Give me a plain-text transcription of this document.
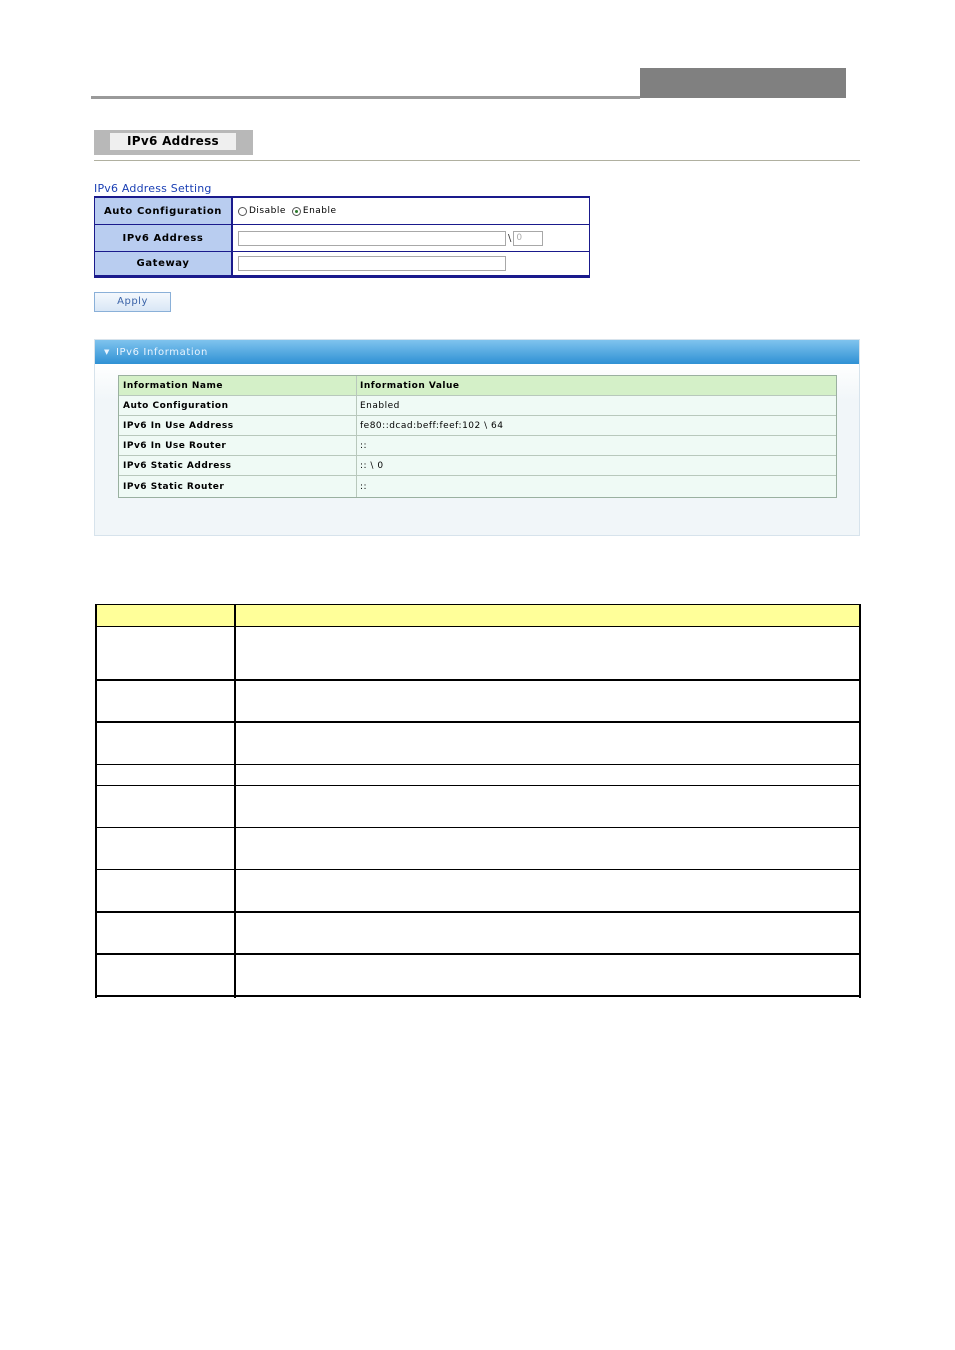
IPv6 Address
IPv6 Address Setting
Auto Configuration	Disable Enable
IPv6 Address	\ 0
Gateway
Apply
▼ IPv6 Information
Information Name	Information Value
Auto Configuration	Enabled
IPv6 In Use Address	fe80::dcad:beff:feef:102 \ 64
IPv6 In Use Router	::
IPv6 Static Address	:: \ 0
IPv6 Static Router	::
